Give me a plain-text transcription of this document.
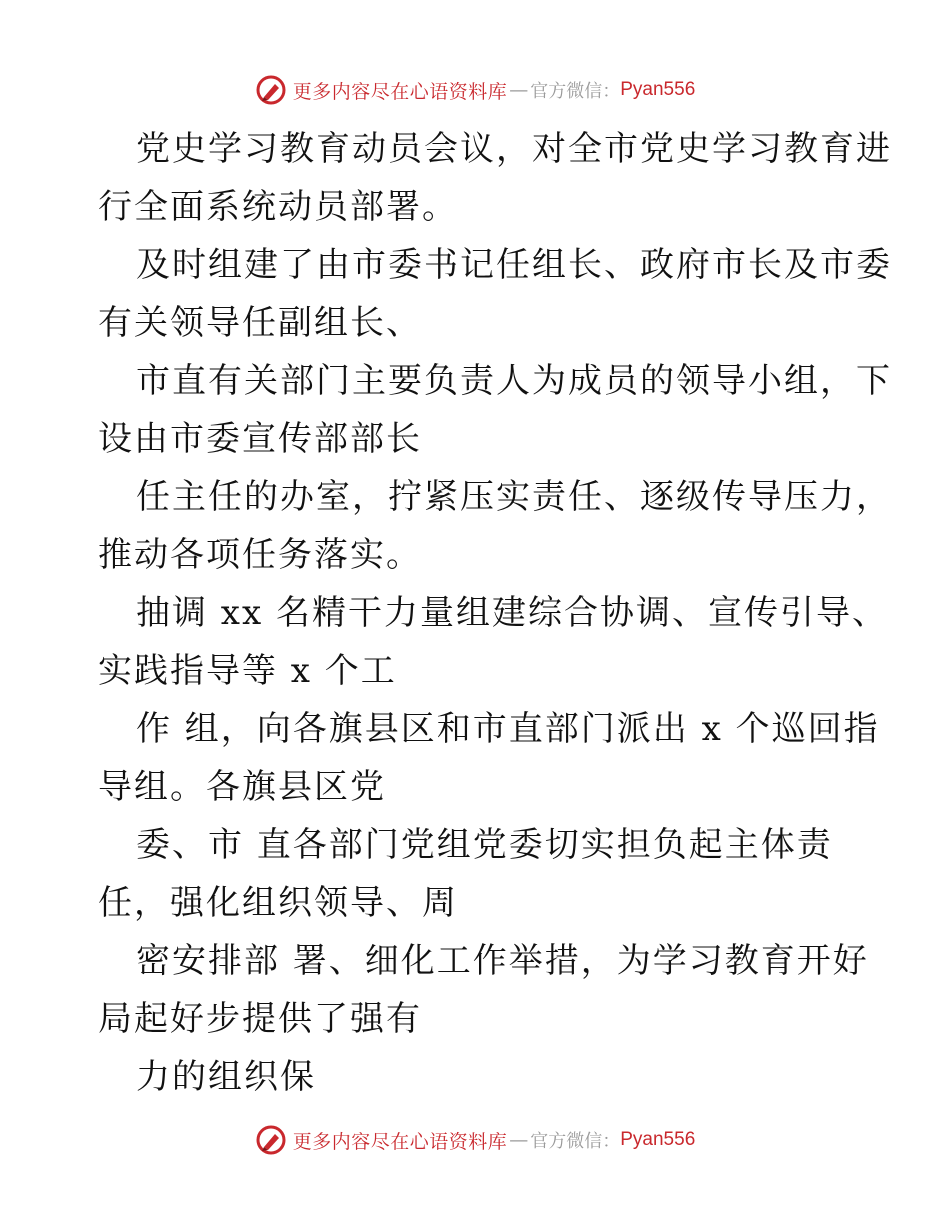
更多内容尽在心语资料库 — 官方微信： Pyan556
党史学习教育动员会议，对全市党史学习教育进
行全面系统动员部署。
及时组建了由市委书记任组长、政府市长及市委
有关领导任副组长、
市直有关部门主要负责人为成员的领导小组，下
设由市委宣传部部长
任主任的办室，拧紧压实责任、逐级传导压力，
推动各项任务落实。
抽调 xx 名精干力量组建综合协调、宣传引导、
实践指导等 x 个工
作 组，向各旗县区和市直部门派出 x 个巡回指
导组。各旗县区党
委、市 直各部门党组党委切实担负起主体责
任，强化组织领导、周
密安排部 署、细化工作举措，为学习教育开好
局起好步提供了强有
力的组织保
更多内容尽在心语资料库 — 官方微信： Pyan556
